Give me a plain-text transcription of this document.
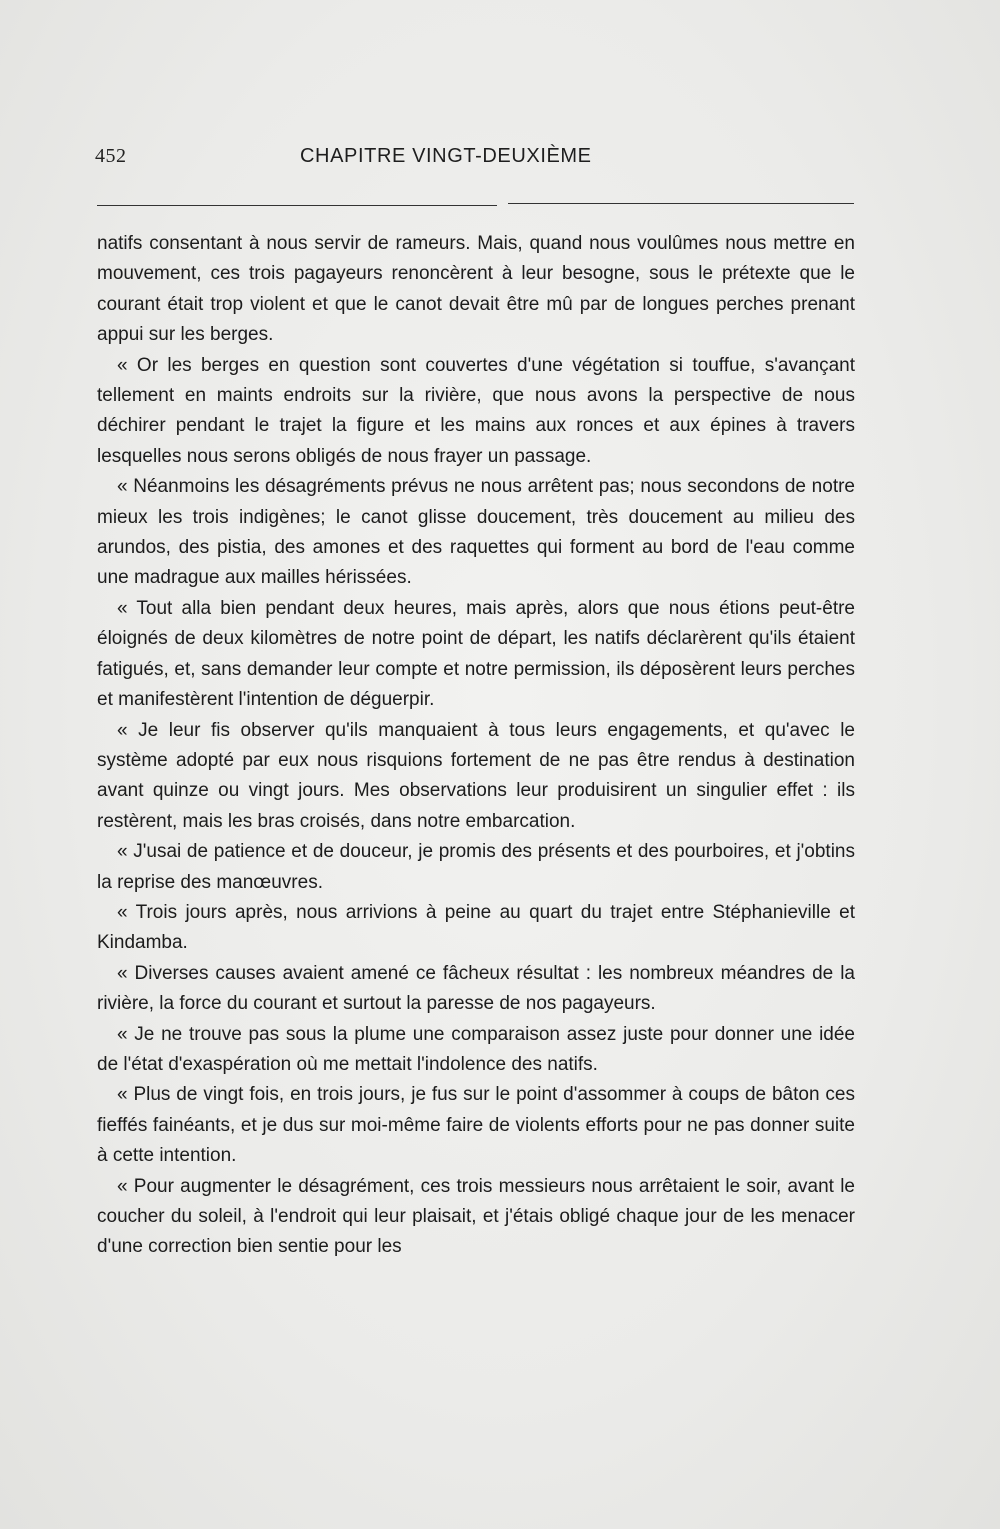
452	CHAPITRE VINGT-DEUXIÈME

natifs consentant à nous servir de rameurs. Mais, quand nous voulûmes nous mettre en mouvement, ces trois pagayeurs renoncèrent à leur besogne, sous le prétexte que le courant était trop violent et que le canot devait être mû par de longues perches prenant appui sur les berges.

« Or les berges en question sont couvertes d'une végétation si touffue, s'avançant tellement en maints endroits sur la rivière, que nous avons la perspective de nous déchirer pendant le trajet la figure et les mains aux ronces et aux épines à travers lesquelles nous serons obligés de nous frayer un passage.

« Néanmoins les désagréments prévus ne nous arrêtent pas; nous secondons de notre mieux les trois indigènes; le canot glisse doucement, très doucement au milieu des arundos, des pistia, des amones et des raquettes qui forment au bord de l'eau comme une madrague aux mailles hérissées.

« Tout alla bien pendant deux heures, mais après, alors que nous étions peut-être éloignés de deux kilomètres de notre point de départ, les natifs déclarèrent qu'ils étaient fatigués, et, sans demander leur compte et notre permission, ils déposèrent leurs perches et manifestèrent l'intention de déguerpir.

« Je leur fis observer qu'ils manquaient à tous leurs engagements, et qu'avec le système adopté par eux nous risquions fortement de ne pas être rendus à destination avant quinze ou vingt jours. Mes observations leur produisirent un singulier effet : ils restèrent, mais les bras croisés, dans notre embarcation.

« J'usai de patience et de douceur, je promis des présents et des pourboires, et j'obtins la reprise des manœuvres.

« Trois jours après, nous arrivions à peine au quart du trajet entre Stéphanieville et Kindamba.

« Diverses causes avaient amené ce fâcheux résultat : les nombreux méandres de la rivière, la force du courant et surtout la paresse de nos pagayeurs.

« Je ne trouve pas sous la plume une comparaison assez juste pour donner une idée de l'état d'exaspération où me mettait l'indolence des natifs.

« Plus de vingt fois, en trois jours, je fus sur le point d'assommer à coups de bâton ces fieffés fainéants, et je dus sur moi-même faire de violents efforts pour ne pas donner suite à cette intention.

« Pour augmenter le désagrément, ces trois messieurs nous arrêtaient le soir, avant le coucher du soleil, à l'endroit qui leur plaisait, et j'étais obligé chaque jour de les menacer d'une correction bien sentie pour les
